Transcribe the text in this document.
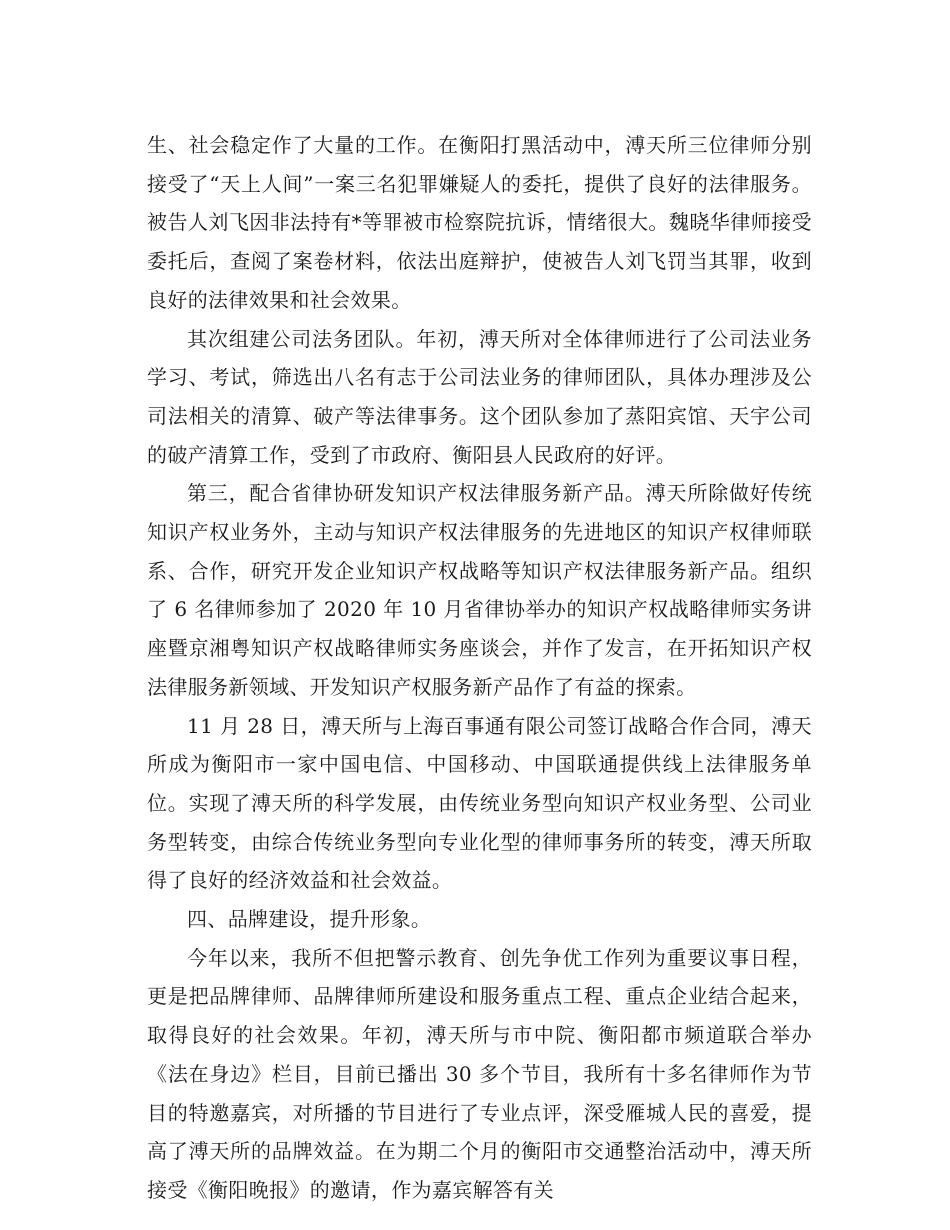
生、社会稳定作了大量的工作。在衡阳打黑活动中，溥天所三位律师分别接受了“天上人间”一案三名犯罪嫌疑人的委托，提供了良好的法律服务。被告人刘飞因非法持有*等罪被市检察院抗诉，情绪很大。魏晓华律师接受委托后，查阅了案卷材料，依法出庭辩护，使被告人刘飞罚当其罪，收到良好的法律效果和社会效果。

其次组建公司法务团队。年初，溥天所对全体律师进行了公司法业务学习、考试，筛选出八名有志于公司法业务的律师团队，具体办理涉及公司法相关的清算、破产等法律事务。这个团队参加了蒸阳宾馆、天宇公司的破产清算工作，受到了市政府、衡阳县人民政府的好评。

第三，配合省律协研发知识产权法律服务新产品。溥天所除做好传统知识产权业务外，主动与知识产权法律服务的先进地区的知识产权律师联系、合作，研究开发企业知识产权战略等知识产权法律服务新产品。组织了 6 名律师参加了 2020 年 10 月省律协举办的知识产权战略律师实务讲座暨京湘粤知识产权战略律师实务座谈会，并作了发言，在开拓知识产权法律服务新领域、开发知识产权服务新产品作了有益的探索。

11 月 28 日，溥天所与上海百事通有限公司签订战略合作合同，溥天所成为衡阳市一家中国电信、中国移动、中国联通提供线上法律服务单位。实现了溥天所的科学发展，由传统业务型向知识产权业务型、公司业务型转变，由综合传统业务型向专业化型的律师事务所的转变，溥天所取得了良好的经济效益和社会效益。

四、品牌建设，提升形象。

今年以来，我所不但把警示教育、创先争优工作列为重要议事日程，更是把品牌律师、品牌律师所建设和服务重点工程、重点企业结合起来，取得良好的社会效果。年初，溥天所与市中院、衡阳都市频道联合举办《法在身边》栏目，目前已播出 30 多个节目，我所有十多名律师作为节目的特邀嘉宾，对所播的节目进行了专业点评，深受雁城人民的喜爱，提高了溥天所的品牌效益。在为期二个月的衡阳市交通整治活动中，溥天所接受《衡阳晚报》的邀请，作为嘉宾解答有关
